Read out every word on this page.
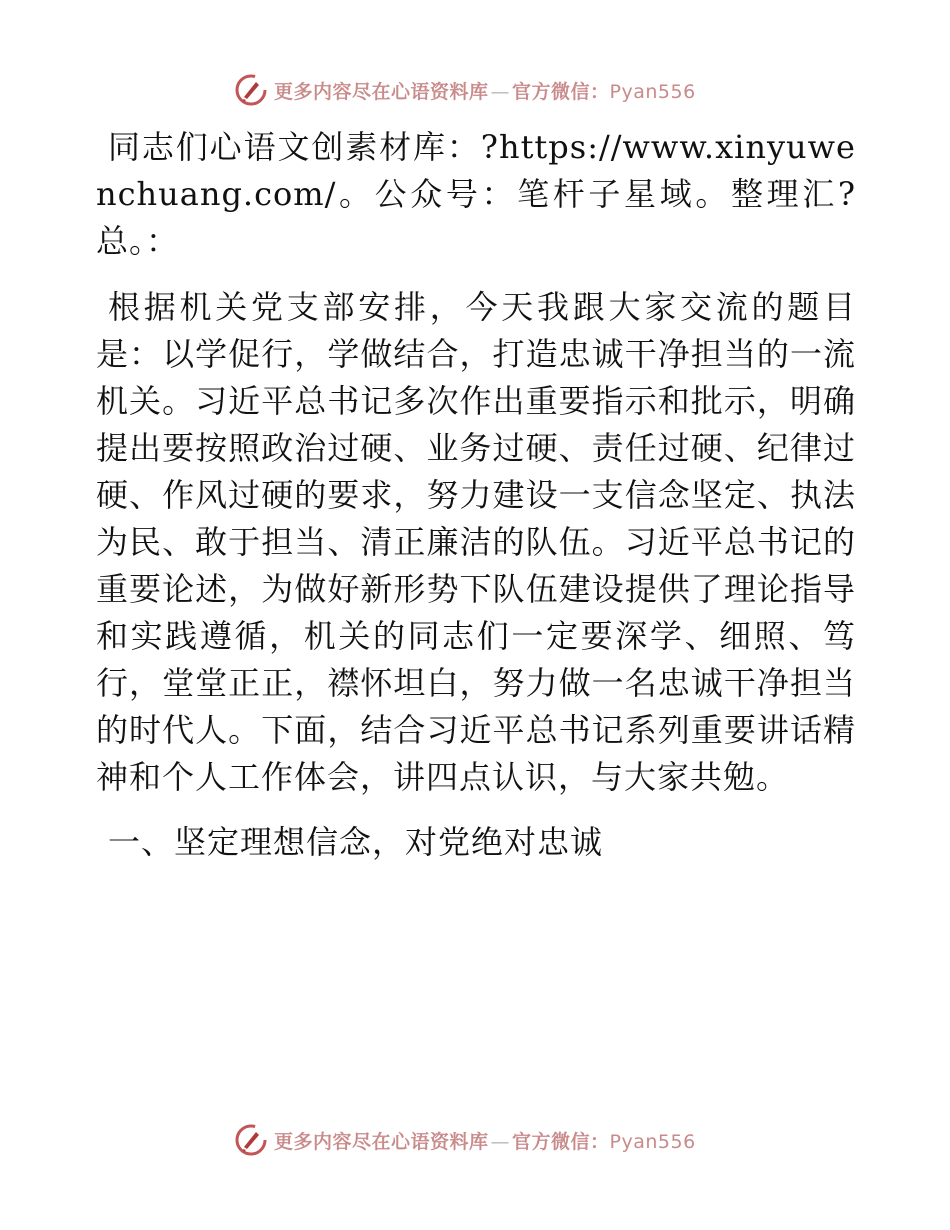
更多内容尽在心语资料库 — 官方微信：Pyan556

同志们心语文创素材库：?https://www.xinyuwenchuang.com/。公众号：笔杆子星域。整理汇?总。：

根据机关党支部安排，今天我跟大家交流的题目是：以学促行，学做结合，打造忠诚干净担当的一流机关。习近平总书记多次作出重要指示和批示，明确提出要按照政治过硬、业务过硬、责任过硬、纪律过硬、作风过硬的要求，努力建设一支信念坚定、执法为民、敢于担当、清正廉洁的队伍。习近平总书记的重要论述，为做好新形势下队伍建设提供了理论指导和实践遵循，机关的同志们一定要深学、细照、笃行，堂堂正正，襟怀坦白，努力做一名忠诚干净担当的时代人。下面，结合习近平总书记系列重要讲话精神和个人工作体会，讲四点认识，与大家共勉。

一、坚定理想信念，对党绝对忠诚

更多内容尽在心语资料库 — 官方微信：Pyan556
